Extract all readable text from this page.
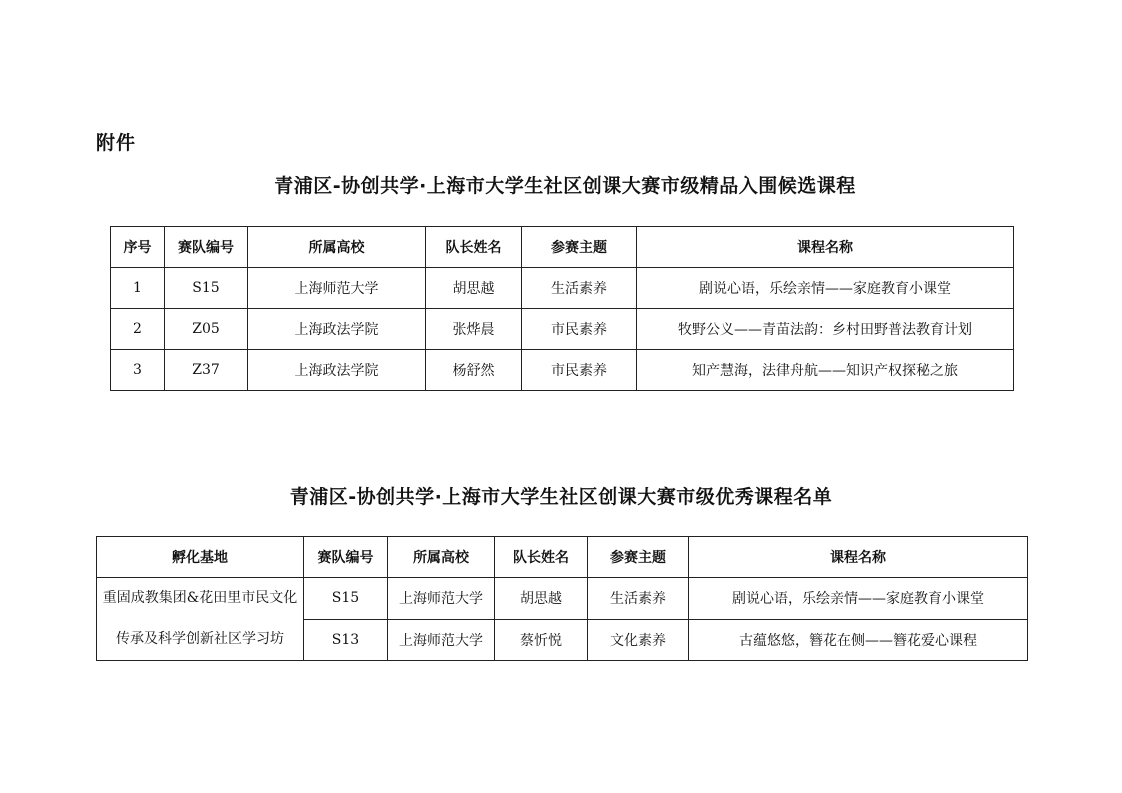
附件
青浦区-协创共学·上海市大学生社区创课大赛市级精品入围候选课程
序号	赛队编号	所属高校	队长姓名	参赛主题	课程名称
1	S15	上海师范大学	胡思越	生活素养	剧说心语，乐绘亲情——家庭教育小课堂
2	Z05	上海政法学院	张烨晨	市民素养	牧野公义——青苗法韵：乡村田野普法教育计划
3	Z37	上海政法学院	杨舒然	市民素养	知产慧海，法律舟航——知识产权探秘之旅
青浦区-协创共学·上海市大学生社区创课大赛市级优秀课程名单
孵化基地	赛队编号	所属高校	队长姓名	参赛主题	课程名称
重固成教集团&花田里市民文化传承及科学创新社区学习坊	S15	上海师范大学	胡思越	生活素养	剧说心语，乐绘亲情——家庭教育小课堂
	S13	上海师范大学	蔡忻悦	文化素养	古蕴悠悠，簪花在侧——簪花爱心课程
